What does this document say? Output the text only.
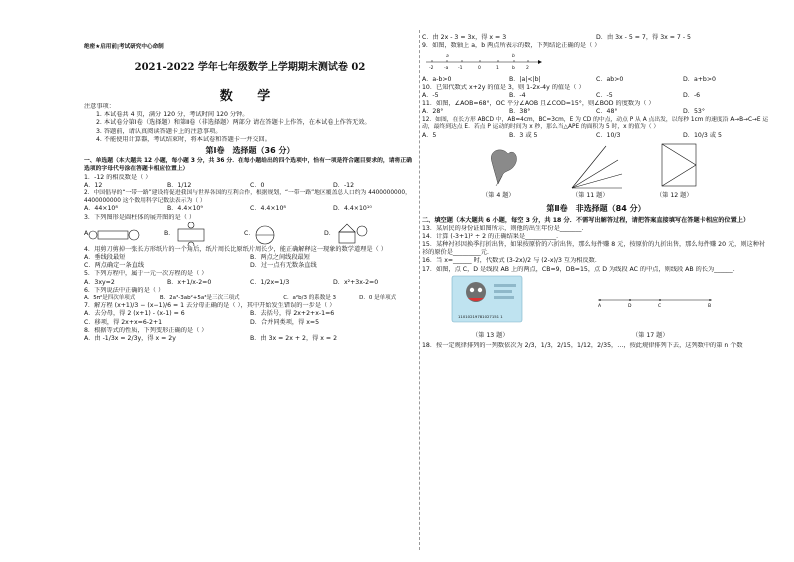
绝密★启用前|考试研究中心命制
2021-2022 学年七年级数学上学期期末测试卷 02
数 学
注意事项：
1. 本试卷共 4 页，满分 120 分，考试时间 120 分钟。
2. 本试卷分第Ⅰ卷（选择题）和第Ⅱ卷（非选择题）两部分 请在答题卡上作答，在本试卷上作答无效。
3. 答题前，请认真阅读答题卡上的注意事项。
4. 不能使用计算器，考试结束时，将本试卷和答题卡一并交回。
第Ⅰ卷　选择题（36 分）
一、单选题（本大题共 12 小题，每小题 3 分，共 36 分．在每小题给出的四个选项中，恰有一项是符合题目要求的，请将正确选项的字母代号涂在答题卡相应位置上）
1．-12 的相反数是（ ）
A．12	B．1/12	C．0	D．-12
2．中国倡导的“一带一路”建设将促进我国与世界各国的互利合作，根据规划，“一带一路”地区覆盖总人口约为 4400000000，4400000000 这个数用科学记数法表示为（ ）
A．44×10⁸	B．4.4×10⁹	C．4.4×10⁸	D．4.4×10¹⁰
3．下列图形是圆柱体的展开图的是（ ）
A．	B．	C．	D．
4．用剪刀剪掉一张长方形纸片的一个角后，纸片周长比原纸片周长少，能正确解释这一现象的数学道理是（ ）
A．垂线段最短	B．两点之间线段最短
C．两点确定一条直线	D．过一点有无数条直线
5．下列方程中，属于一元一次方程的是（ ）
A．3xy=2	B．x+1/x-2=0	C．1/2x=1/3	D．x²+3x-2=0
6．下列说法中正确的是（ ）
A．5π²是四次单项式	B．2a³-3ab²+5a³是三次三项式	C．a²b/3 的系数是 3	D．0 是单项式
7．解方程 (x+1)/3 − (x−1)/6 = 1 去分母正确的是（ ），其中开始发生错误的一步是（ ）
A．去分母，得 2 (x+1) - (x-1) = 6	B．去括号，得 2x+2+x-1=6
C．移项，得 2x+x=6-2+1	D．合并同类项，得 x=5
8．根据等式的性质，下列变形正确的是（ ）
A．由 -1/3x = 2/3y，得 x = 2y	B．由 3x = 2x + 2，得 x = 2
C．由 2x - 3 = 3x，得 x = 3	D．由 3x - 5 = 7，得 3x = 7 - 5
9．如图，数轴上 a，b 两点所表示的数，下列结论正确的是（ ）
-2 -a -1	0	1	b 2
a	b
A．a-b>0	B．|a|<|b|	C．ab>0	D．a+b>0
10．已知代数式 x+2y 的值是 3，则 1-2x-4y 的值是（ ）
A．-5	B．-4	C．-5	D．-6
11．如图，∠AOB=68°，OC 平分∠AOB 且∠COD=15°，则∠BOD 的度数为（ ）
A．28°	B．38°	C．48°	D．53°
12．如图，在长方形 ABCD 中，AB=4cm，BC=3cm，E 为 CD 的中点，动点 P 从 A 点出发，以每秒 1cm 的速度沿 A→B→C→E 运动，最终到达点 E．若点 P 运动的时间为 x 秒，那么当△APE 的面积为 5 时，x 的值为（ ）
A．5	B．3 或 5	C．10/3	D．10/3 或 5
（第 4 题）	（第 11 题）	（第 12 题）
第Ⅱ卷　非选择题（84 分）
二、填空题（本大题共 6 小题，每空 3 分，共 18 分．不需写出解答过程，请把答案直接填写在答题卡相应的位置上）
13．某居民的身份证如图所示，则他的出生年份是_______．
14．计算 (-3+1)² ÷ 2 的正确结果是__________．
15．某种衬衫因换季打折出售，如果按原价的六折出售，那么每件赚 8 元，按原价的九折出售，那么每件赚 20 元，则这种衬衫的原价是_________元．
16．当 x=______ 时，代数式 (3-2x)/2 与 (2-x)/3 互为相反数．
17．如图，点 C，D 是线段 AB 上的两点，CB=9，DB=15，点 D 为线段 AC 的中点，则线段 AB 的长为______．
11010219781027151 1
A	D	C	B
（第 13 题）	（第 17 题）
18．按一定规律排列的一列数依次为 2/3，1/3，2/15，1/12，2/35，…，按此规律排列下去，这列数中的第 n 个数
